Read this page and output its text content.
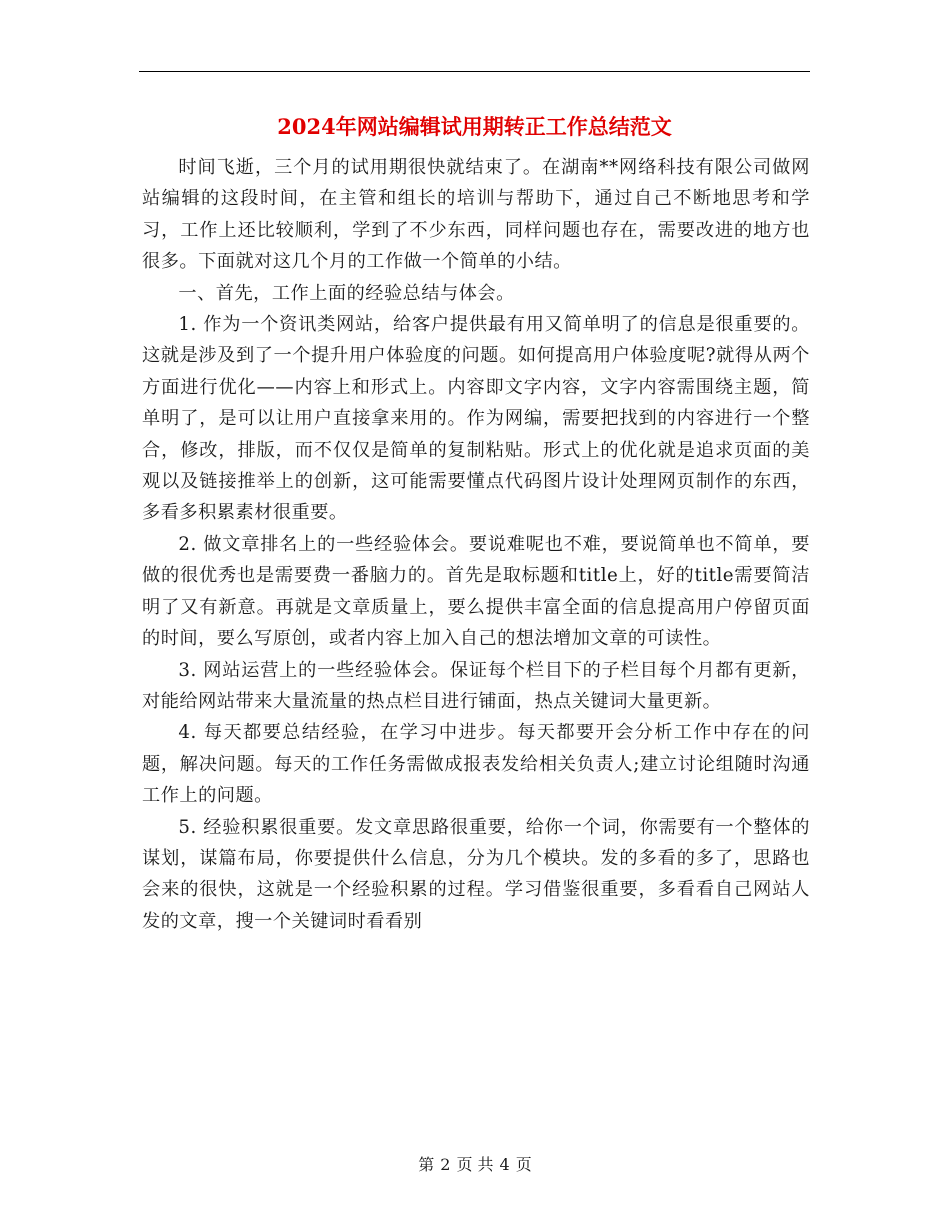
2024年网站编辑试用期转正工作总结范文

时间飞逝，三个月的试用期很快就结束了。在湖南**网络科技有限公司做网站编辑的这段时间，在主管和组长的培训与帮助下，通过自己不断地思考和学习，工作上还比较顺利，学到了不少东西，同样问题也存在，需要改进的地方也很多。下面就对这几个月的工作做一个简单的小结。

一、首先，工作上面的经验总结与体会。

1. 作为一个资讯类网站，给客户提供最有用又简单明了的信息是很重要的。这就是涉及到了一个提升用户体验度的问题。如何提高用户体验度呢?就得从两个方面进行优化——内容上和形式上。内容即文字内容，文字内容需围绕主题，简单明了，是可以让用户直接拿来用的。作为网编，需要把找到的内容进行一个整合，修改，排版，而不仅仅是简单的复制粘贴。形式上的优化就是追求页面的美观以及链接推举上的创新，这可能需要懂点代码图片设计处理网页制作的东西，多看多积累素材很重要。

2. 做文章排名上的一些经验体会。要说难呢也不难，要说简单也不简单，要做的很优秀也是需要费一番脑力的。首先是取标题和title上，好的title需要简洁明了又有新意。再就是文章质量上，要么提供丰富全面的信息提高用户停留页面的时间，要么写原创，或者内容上加入自己的想法增加文章的可读性。

3. 网站运营上的一些经验体会。保证每个栏目下的子栏目每个月都有更新，对能给网站带来大量流量的热点栏目进行铺面，热点关键词大量更新。

4. 每天都要总结经验，在学习中进步。每天都要开会分析工作中存在的问题，解决问题。每天的工作任务需做成报表发给相关负责人;建立讨论组随时沟通工作上的问题。

5. 经验积累很重要。发文章思路很重要，给你一个词，你需要有一个整体的谋划，谋篇布局，你要提供什么信息，分为几个模块。发的多看的多了，思路也会来的很快，这就是一个经验积累的过程。学习借鉴很重要，多看看自己网站人发的文章，搜一个关键词时看看别

第 2 页 共 4 页
